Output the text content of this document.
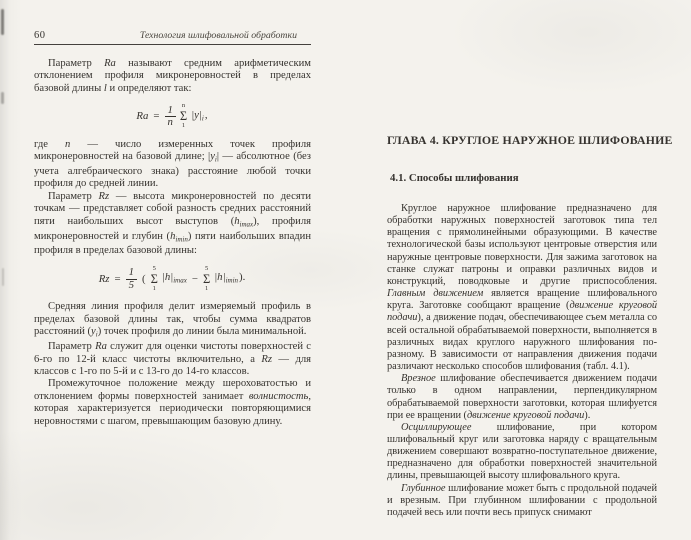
60	Технология шлифовальной обработки

Параметр Ra называют средним арифметическим отклонением профиля микронеровностей в пределах базовой длины l и определяют так:

$Ra = \frac{1}{n}$ n
Σ
1
$|y|_i$,

где n — число измеренных точек профиля микронеровностей на базовой длине; $|y_i|$ — абсолютное (без учета алгебраического знака) расстояние любой точки профиля до средней линии.

Параметр Rz — высота микронеровностей по десяти точкам — представляет собой разность средних расстояний пяти наибольших высот выступов $(h_{imax})$, профиля микронеровностей и глубин $(h_{imin})$ пяти наибольших впадин профиля в пределах базовой длины:

$Rz = \frac{1}{5}$ (
5
Σ
1
$|h|_{imax}$ −
5
Σ
1
$|h|_{imin}$).

Средняя линия профиля делит измеряемый профиль в пределах базовой длины так, чтобы сумма квадратов расстояний $(y_i)$ точек профиля до линии была минимальной.

Параметр Ra служит для оценки чистоты поверхностей с 6-го по 12-й класс чистоты включительно, а Rz — для классов с 1-го по 5-й и с 13-го до 14-го классов.

Промежуточное положение между шероховатостью и отклонением формы поверхностей занимает волнистость, которая характеризуется периодически повторяющимися неровностями с шагом, превышающим базовую длину.

ГЛАВА 4. КРУГЛОЕ НАРУЖНОЕ ШЛИФОВАНИЕ
4.1. Способы шлифования

Круглое наружное шлифование предназначено для обработки наружных поверхностей заготовок типа тел вращения с прямолинейными образующими. В качестве технологической базы используют центровые отверстия или наружные центровые поверхности. Для зажима заготовок на станке служат патроны и оправки различных видов и конструкций, поводковые и другие приспособления. Главным движением является вращение шлифовального круга. Заготовке сообщают вращение (движение круговой подачи), а движение подач, обеспечивающее съем металла со всей остальной обрабатываемой поверхности, выполняется в различных видах круглого наружного шлифования по-разному. В зависимости от направления движения подачи различают несколько способов шлифования (табл. 4.1).

Врезное шлифование обеспечивается движением подачи только в одном направлении, перпендикулярном обрабатываемой поверхности заготовки, которая шлифуется при ее вращении (движение круговой подачи).

Осциллирующее шлифование, при котором шлифовальный круг или заготовка наряду с вращательным движением совершают возвратно-поступательное движение, предназначено для обработки поверхностей значительной длины, превышающей высоту шлифовального круга.

Глубинное шлифование может быть с продольной подачей и врезным. При глубинном шлифовании с продольной подачей весь или почти весь припуск снимают
